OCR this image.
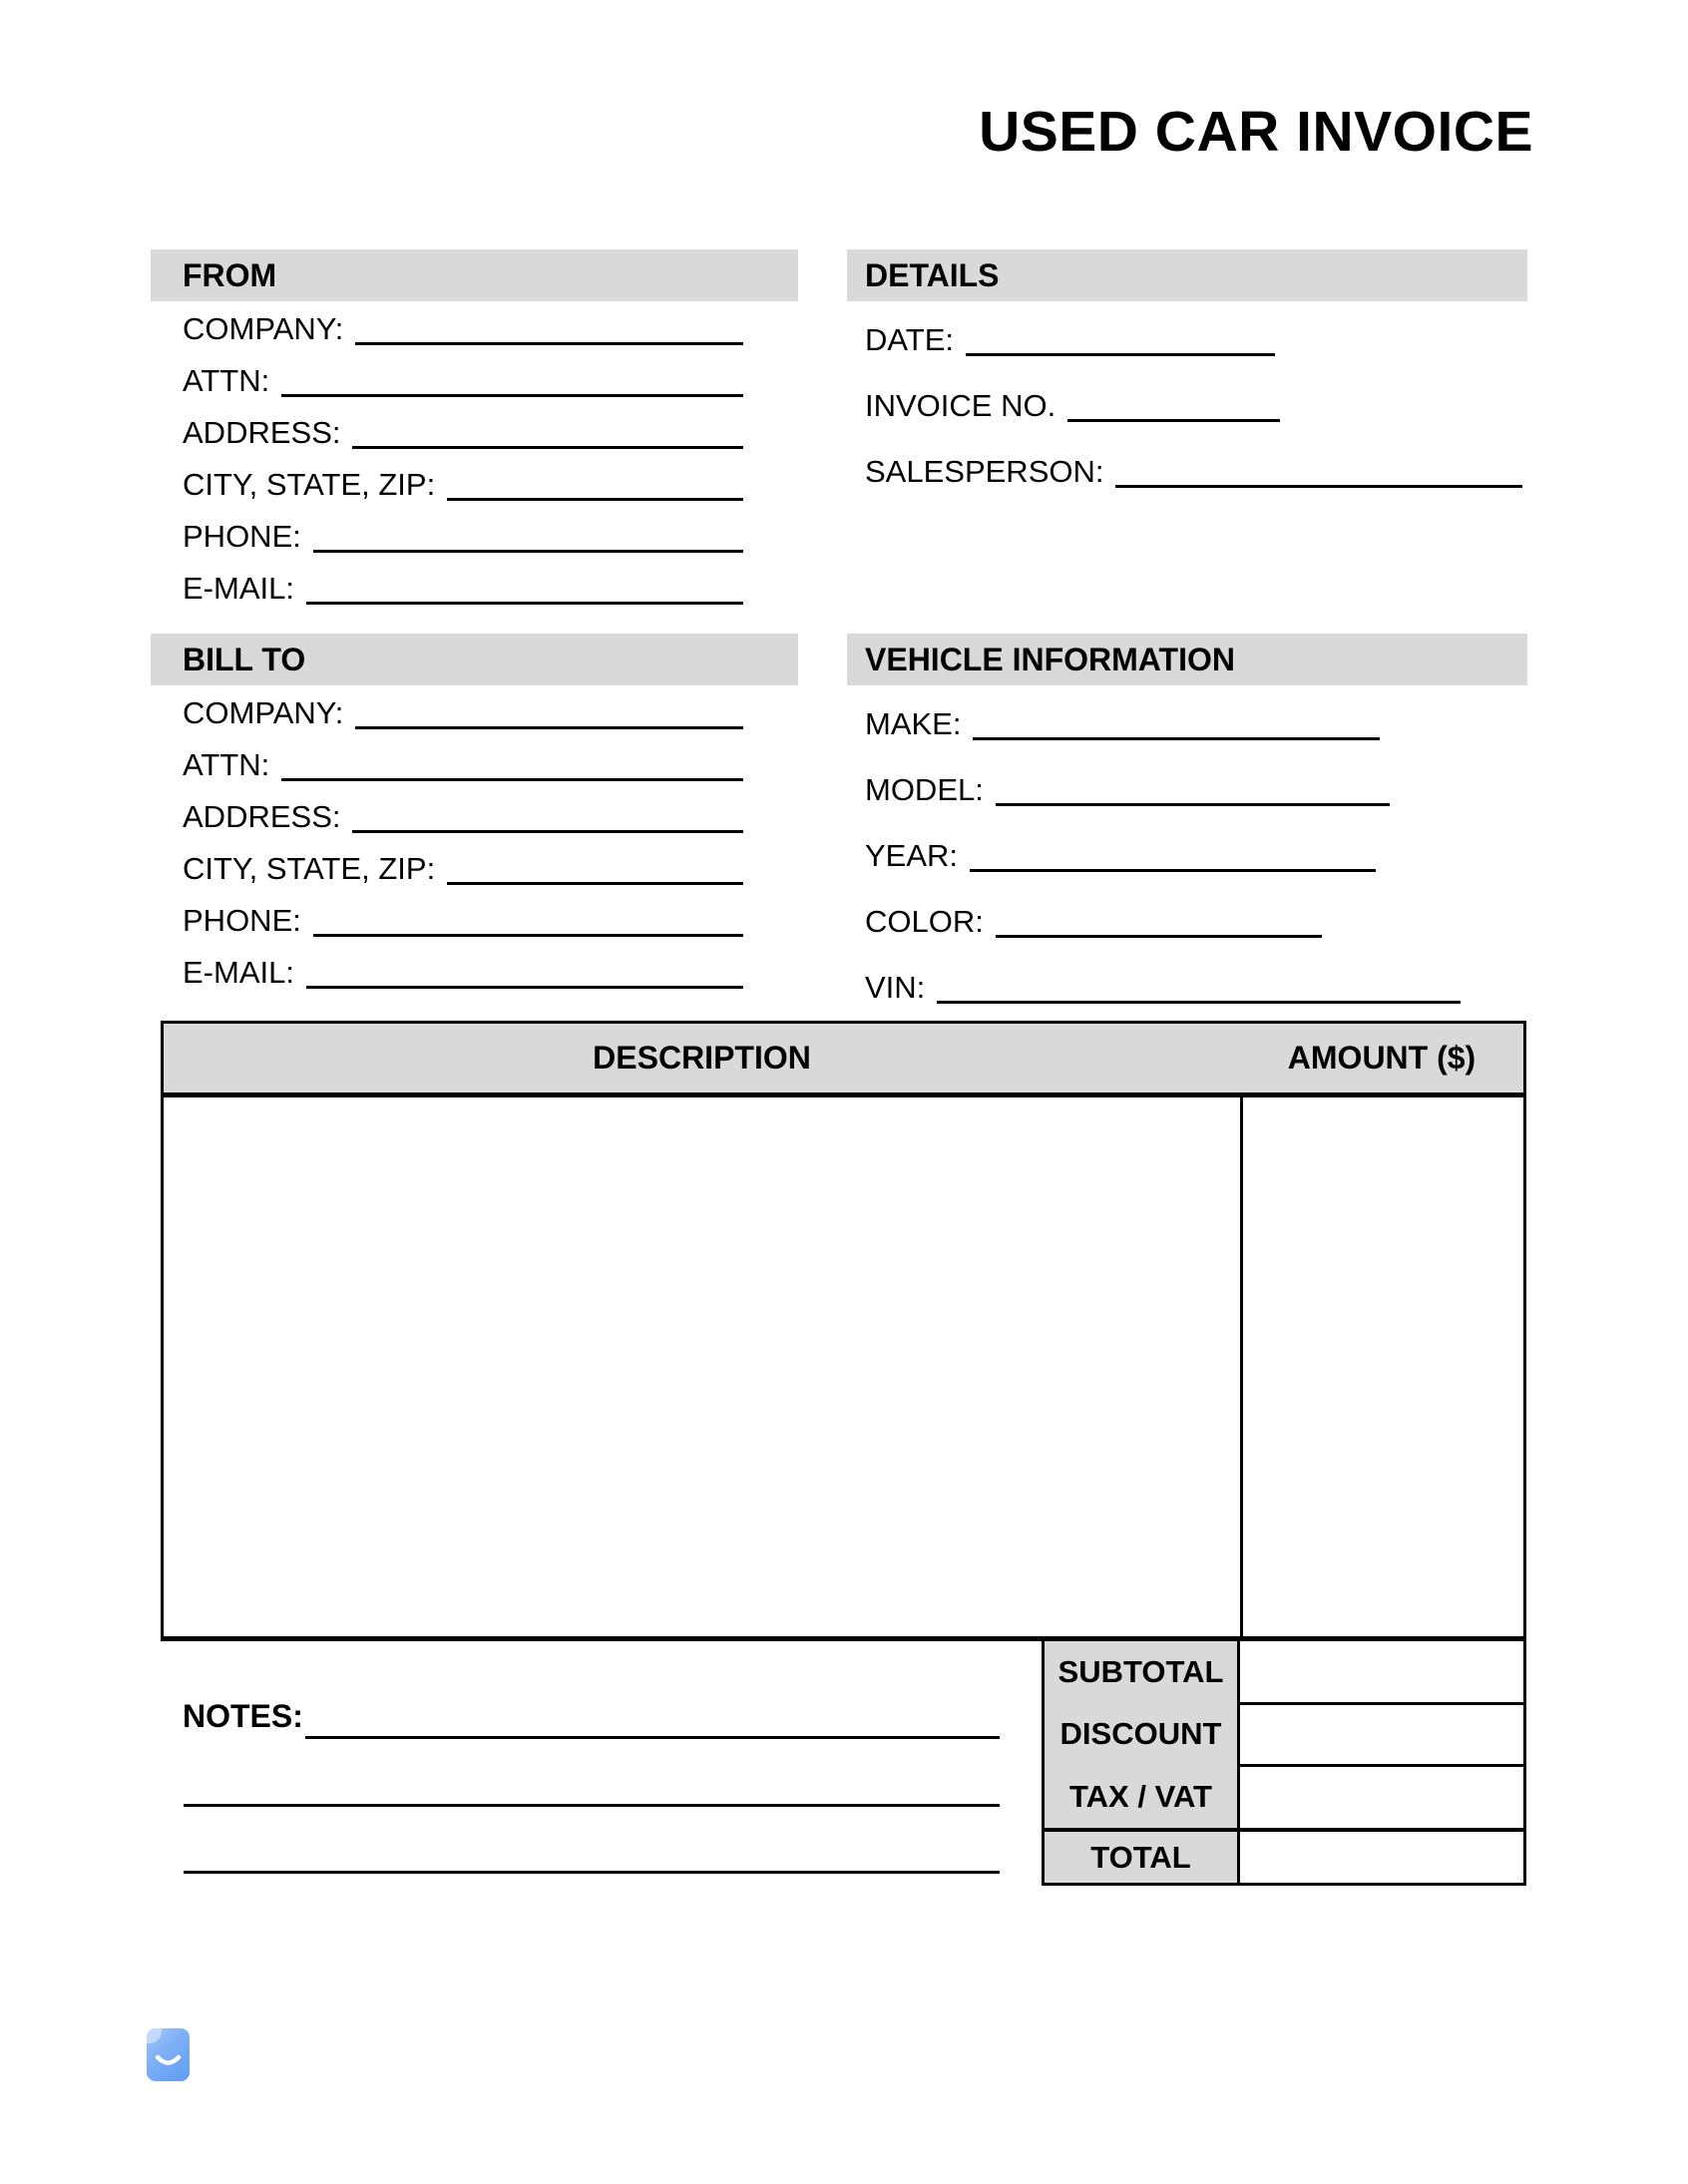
USED CAR INVOICE
FROM
COMPANY:
ATTN:
ADDRESS:
CITY, STATE, ZIP:
PHONE:
E-MAIL:
DETAILS
DATE:
INVOICE NO.
SALESPERSON:
BILL TO
COMPANY:
ATTN:
ADDRESS:
CITY, STATE, ZIP:
PHONE:
E-MAIL:
VEHICLE INFORMATION
MAKE:
MODEL:
YEAR:
COLOR:
VIN:
DESCRIPTION	AMOUNT ($)
SUBTOTAL
DISCOUNT
TAX / VAT
TOTAL
NOTES:
